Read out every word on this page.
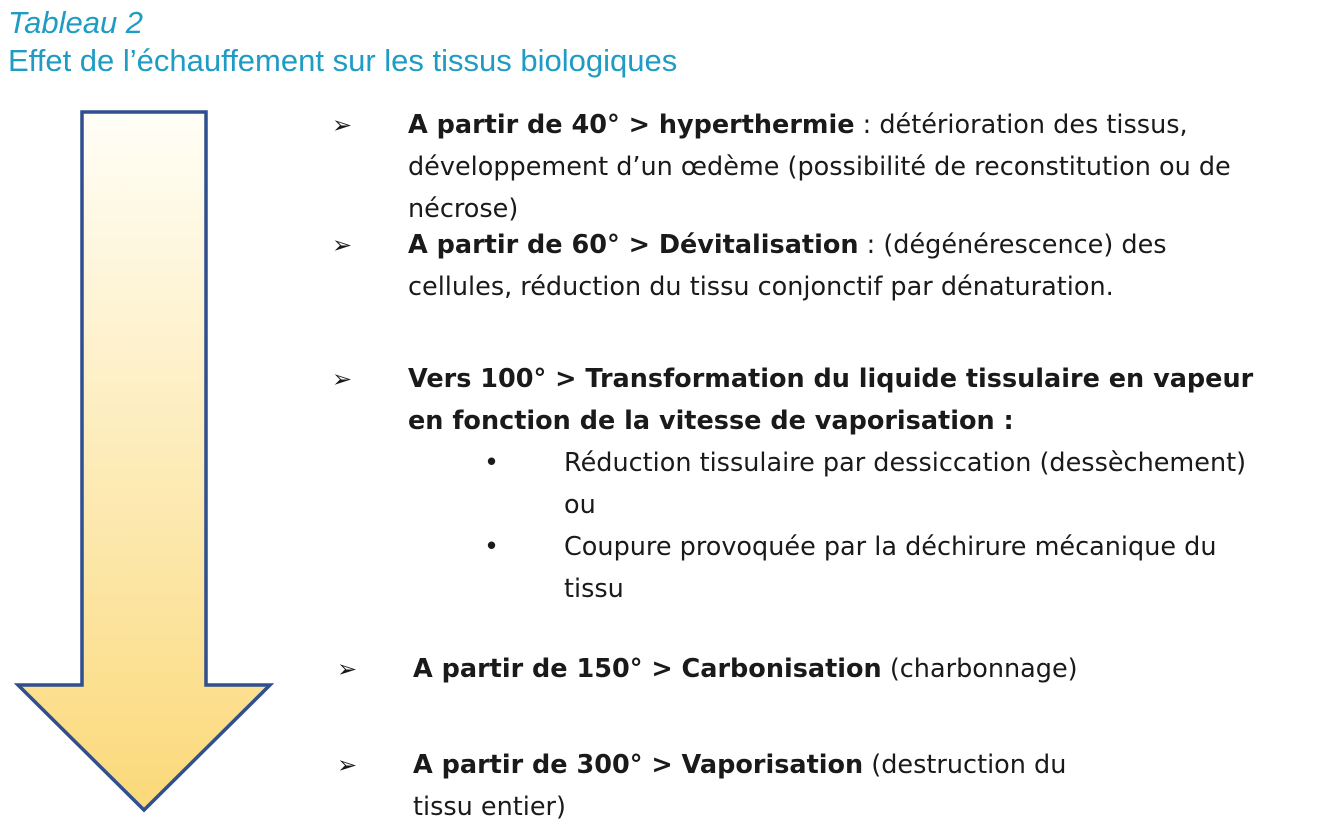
Tableau 2
Effet de l’échauffement sur les tissus biologiques
➢ A partir de 40° > hyperthermie : détérioration des tissus, développement d’un œdème (possibilité de reconstitution ou de nécrose)
➢ A partir de 60° > Dévitalisation : (dégénérescence) des cellules, réduction du tissu conjonctif par dénaturation.
➢ Vers 100° > Transformation du liquide tissulaire en vapeur en fonction de la vitesse de vaporisation :
•	Réduction tissulaire par dessiccation (dessèchement) ou
•	Coupure provoquée par la déchirure mécanique du tissu
➢ A partir de 150° > Carbonisation (charbonnage)
➢ A partir de 300° > Vaporisation (destruction du tissu entier)
